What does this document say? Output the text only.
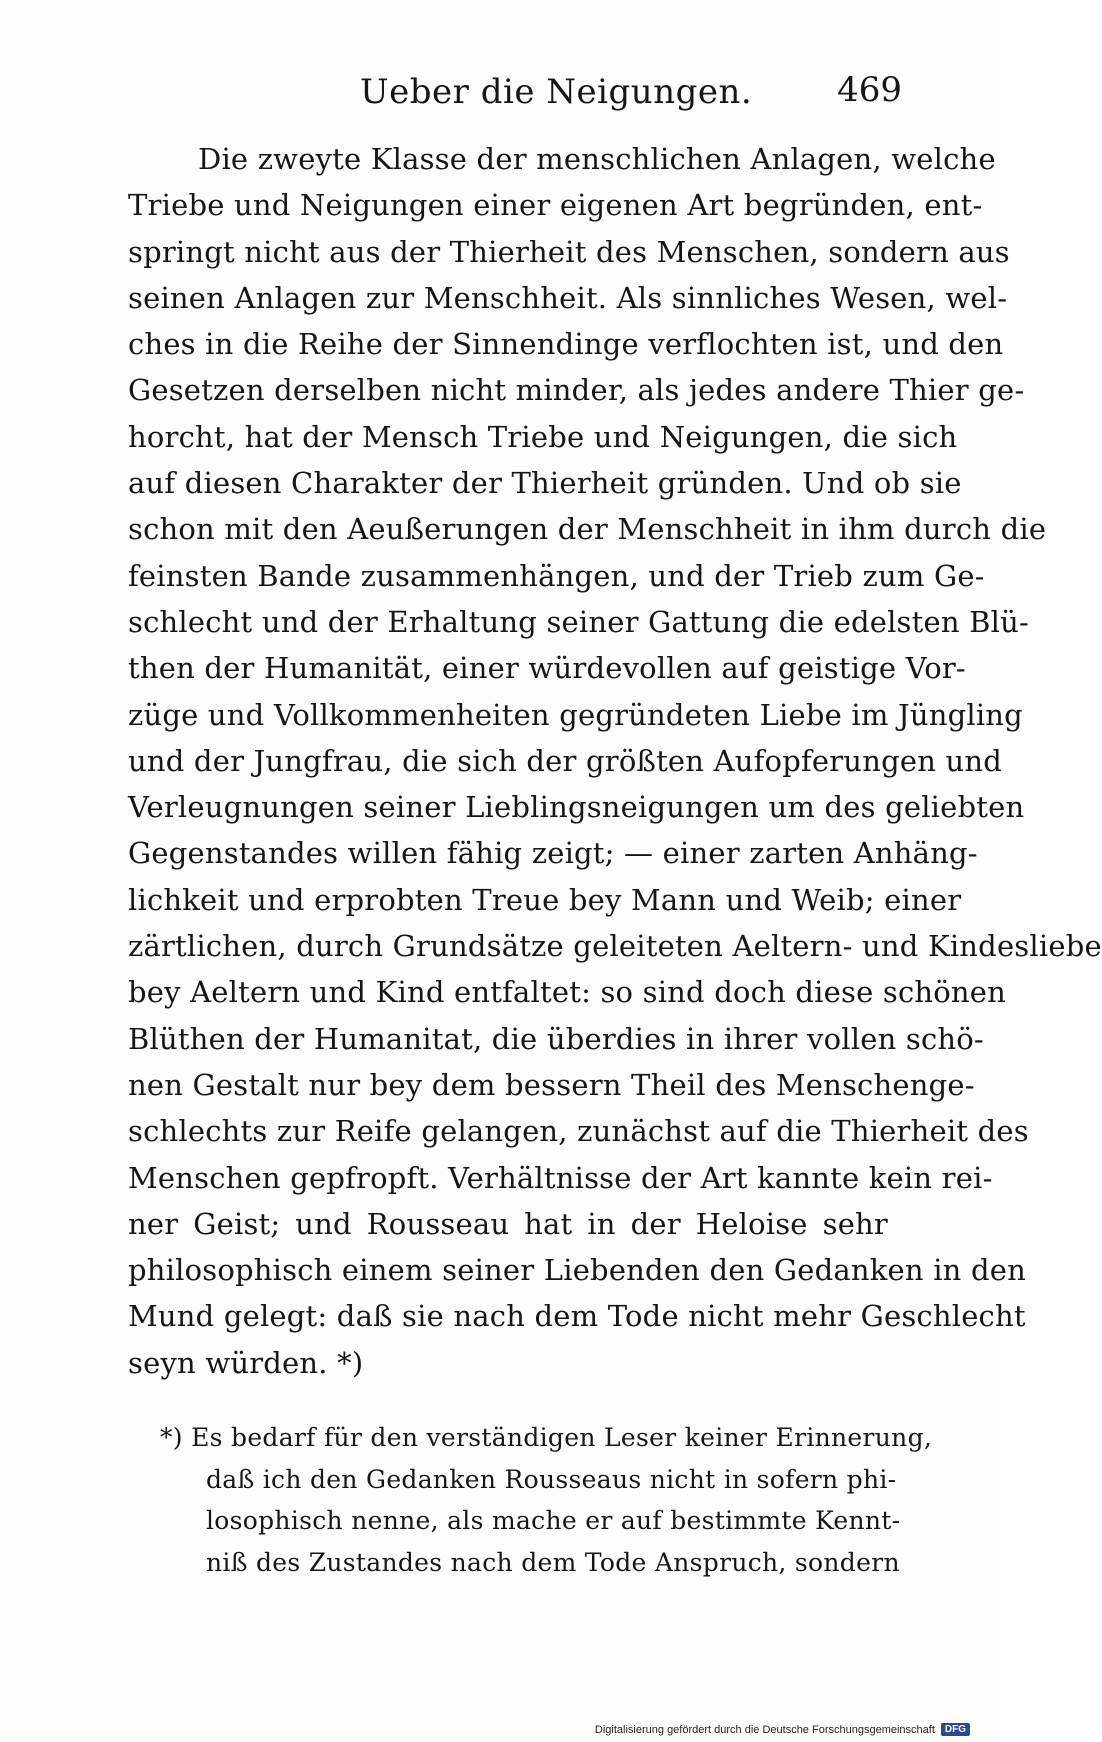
Ueber die Neigungen. 469
Die zweyte Klasse der menschlichen Anlagen, welche
Triebe und Neigungen einer eigenen Art begründen, ent-
springt nicht aus der Thierheit des Menschen, sondern aus
seinen Anlagen zur Menschheit. Als sinnliches Wesen, wel-
ches in die Reihe der Sinnendinge verflochten ist, und den
Gesetzen derselben nicht minder, als jedes andere Thier ge-
horcht, hat der Mensch Triebe und Neigungen, die sich
auf diesen Charakter der Thierheit gründen. Und ob sie
schon mit den Aeußerungen der Menschheit in ihm durch die
feinsten Bande zusammenhängen, und der Trieb zum Ge-
schlecht und der Erhaltung seiner Gattung die edelsten Blü-
then der Humanität, einer würdevollen auf geistige Vor-
züge und Vollkommenheiten gegründeten Liebe im Jüngling
und der Jungfrau, die sich der größten Aufopferungen und
Verleugnungen seiner Lieblingsneigungen um des geliebten
Gegenstandes willen fähig zeigt; — einer zarten Anhäng-
lichkeit und erprobten Treue bey Mann und Weib; einer
zärtlichen, durch Grundsätze geleiteten Aeltern- und Kindesliebe
bey Aeltern und Kind entfaltet: so sind doch diese schönen
Blüthen der Humanitat, die überdies in ihrer vollen schö-
nen Gestalt nur bey dem bessern Theil des Menschenge-
schlechts zur Reife gelangen, zunächst auf die Thierheit des
Menschen gepfropft. Verhältnisse der Art kannte kein rei-
ner Geist; und Rousseau hat in der Heloise sehr
philosophisch einem seiner Liebenden den Gedanken in den
Mund gelegt: daß sie nach dem Tode nicht mehr Geschlecht
seyn würden. *)
*) Es bedarf für den verständigen Leser keiner Erinnerung,
daß ich den Gedanken Rousseaus nicht in sofern phi-
losophisch nenne, als mache er auf bestimmte Kennt-
niß des Zustandes nach dem Tode Anspruch, sondern
Digitalisierung gefördert durch die Deutsche Forschungsgemeinschaft	DFG
